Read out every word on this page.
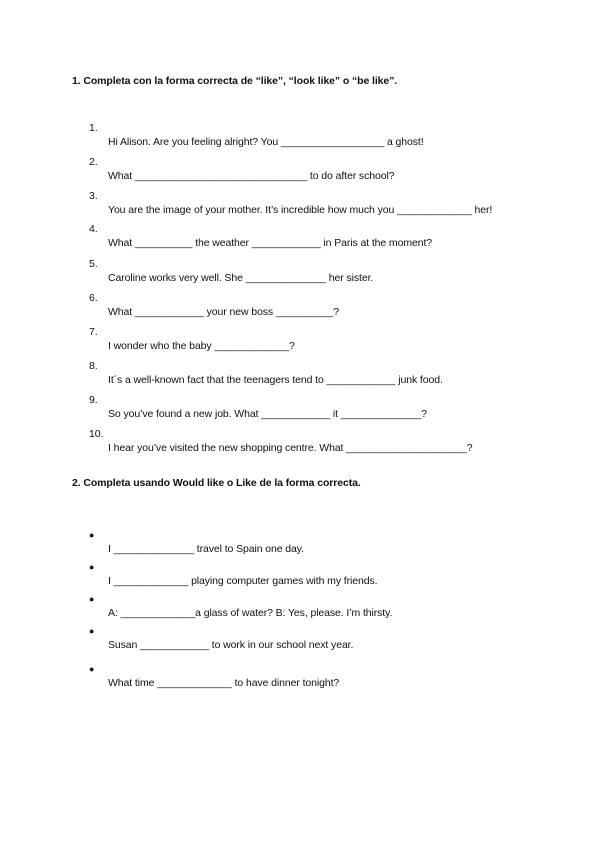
1. Completa con la forma correcta de “like”, “look like” o “be like”.

1.

Hi Alison. Are you feeling alright? You __________________ a ghost!

2.

What ______________________________ to do after school?

3.

You are the image of your mother. It’s incredible how much you _____________ her!

4.

What __________ the weather ____________ in Paris at the moment?

5.

Caroline works very well. She ______________ her sister.

6.

What ____________ your new boss __________?

7.

I wonder who the baby _____________?

8.

It´s a well-known fact that the teenagers tend to ____________ junk food.

9.

So you’ve found a new job. What ____________ it ______________?

10.

I hear you’ve visited the new shopping centre. What _____________________?

2. Completa usando Would like o Like de la forma correcta.

●

I ______________ travel to Spain one day.

●

I _____________ playing computer games with my friends.

●

A: _____________a glass of water? B: Yes, please. I’m thirsty.

●

Susan ____________ to work in our school next year.

●

What time _____________ to have dinner tonight?
